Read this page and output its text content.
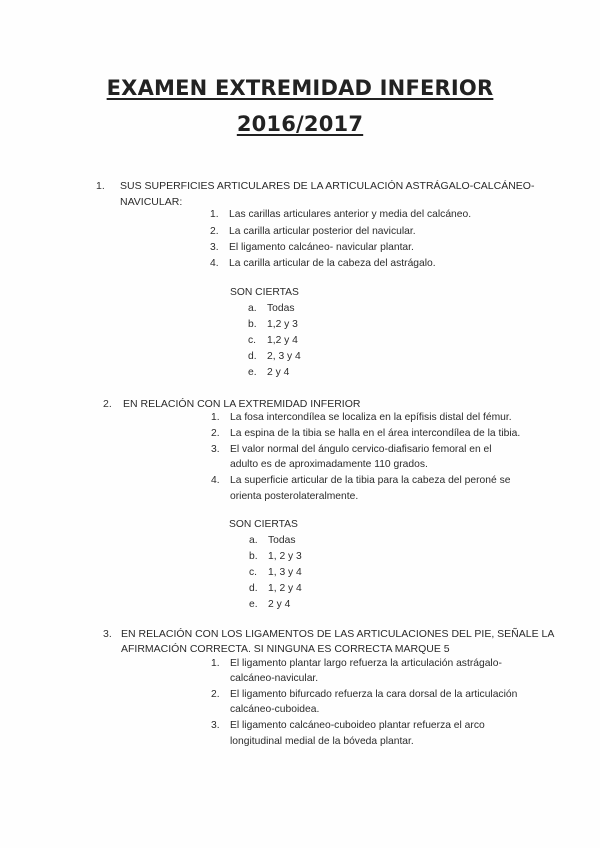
EXAMEN EXTREMIDAD INFERIOR
2016/2017
1. SUS SUPERFICIES ARTICULARES DE LA ARTICULACIÓN ASTRÁGALO-CALCÁNEO-
NAVICULAR:
1. Las carillas articulares anterior y media del calcáneo.
2. La carilla articular posterior del navicular.
3. El ligamento calcáneo- navicular plantar.
4. La carilla articular de la cabeza del astrágalo.
SON CIERTAS
a. Todas
b. 1,2 y 3
c. 1,2 y 4
d. 2, 3 y 4
e. 2 y 4
2. EN RELACIÓN CON LA EXTREMIDAD INFERIOR
1. La fosa intercondílea se localiza en la epífisis distal del fémur.
2. La espina de la tibia se halla en el área intercondílea de la tibia.
3. El valor normal del ángulo cervico-diafisario femoral en el
adulto es de aproximadamente 110 grados.
4. La superficie articular de la tibia para la cabeza del peroné se
orienta posterolateralmente.
SON CIERTAS
a. Todas
b. 1, 2 y 3
c. 1, 3 y 4
d. 1, 2 y 4
e. 2 y 4
3. EN RELACIÓN CON LOS LIGAMENTOS DE LAS ARTICULACIONES DEL PIE, SEÑALE LA
AFIRMACIÓN CORRECTA. SI NINGUNA ES CORRECTA MARQUE 5
1. El ligamento plantar largo refuerza la articulación astrágalo-
calcáneo-navicular.
2. El ligamento bifurcado refuerza la cara dorsal de la articulación
calcáneo-cuboidea.
3. El ligamento calcáneo-cuboideo plantar refuerza el arco
longitudinal medial de la bóveda plantar.
